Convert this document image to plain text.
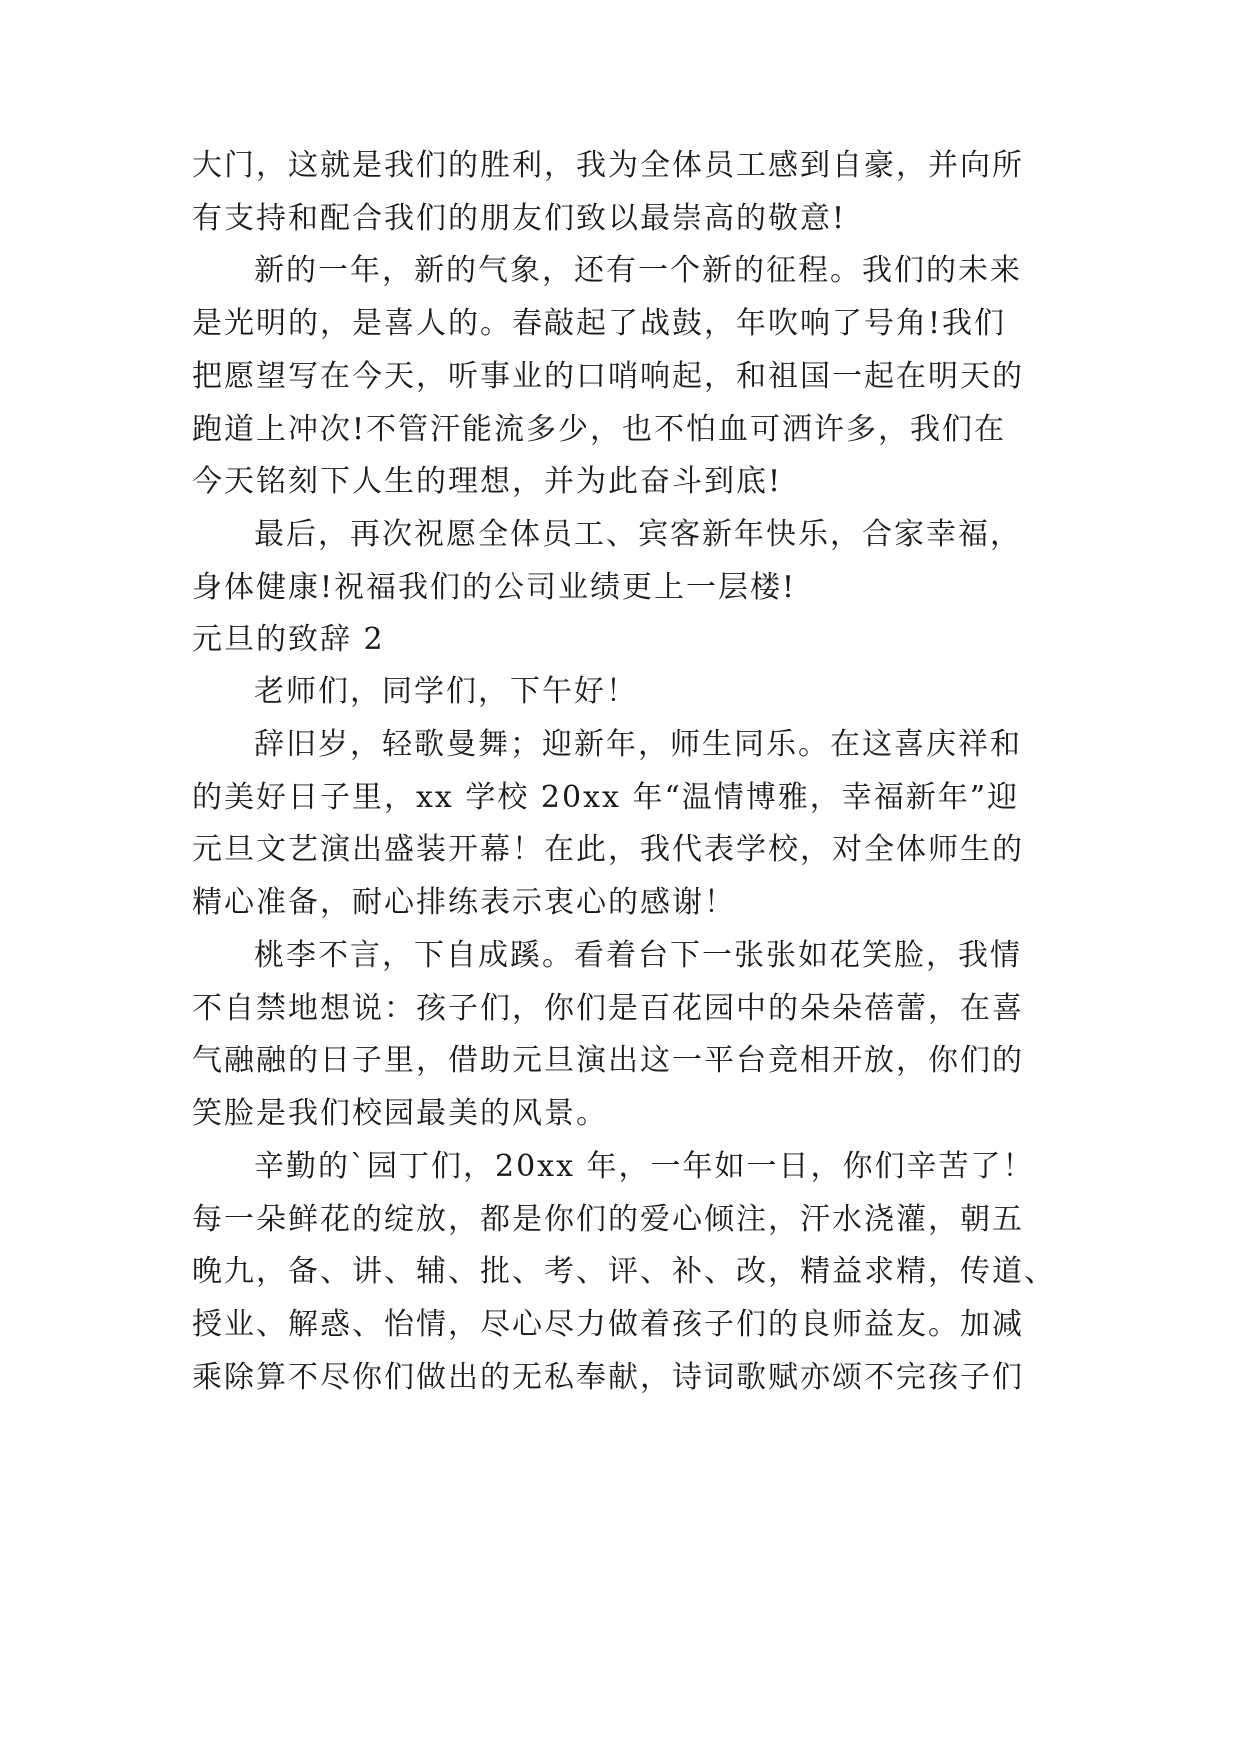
大门，这就是我们的胜利，我为全体员工感到自豪，并向所
有支持和配合我们的朋友们致以最崇高的敬意!
新的一年，新的气象，还有一个新的征程。我们的未来
是光明的，是喜人的。春敲起了战鼓，年吹响了号角!我们
把愿望写在今天，听事业的口哨响起，和祖国一起在明天的
跑道上冲次!不管汗能流多少，也不怕血可洒许多，我们在
今天铭刻下人生的理想，并为此奋斗到底!
最后，再次祝愿全体员工、宾客新年快乐，合家幸福，
身体健康!祝福我们的公司业绩更上一层楼!
元旦的致辞 2
老师们，同学们，下午好！
辞旧岁，轻歌曼舞；迎新年，师生同乐。在这喜庆祥和
的美好日子里，xx 学校 20xx 年“温情博雅，幸福新年”迎
元旦文艺演出盛装开幕！在此，我代表学校，对全体师生的
精心准备，耐心排练表示衷心的感谢！
桃李不言，下自成蹊。看着台下一张张如花笑脸，我情
不自禁地想说：孩子们，你们是百花园中的朵朵蓓蕾，在喜
气融融的日子里，借助元旦演出这一平台竞相开放，你们的
笑脸是我们校园最美的风景。
辛勤的`园丁们，20xx 年，一年如一日，你们辛苦了！
每一朵鲜花的绽放，都是你们的爱心倾注，汗水浇灌，朝五
晚九，备、讲、辅、批、考、评、补、改，精益求精，传道、
授业、解惑、怡情，尽心尽力做着孩子们的良师益友。加减
乘除算不尽你们做出的无私奉献，诗词歌赋亦颂不完孩子们
